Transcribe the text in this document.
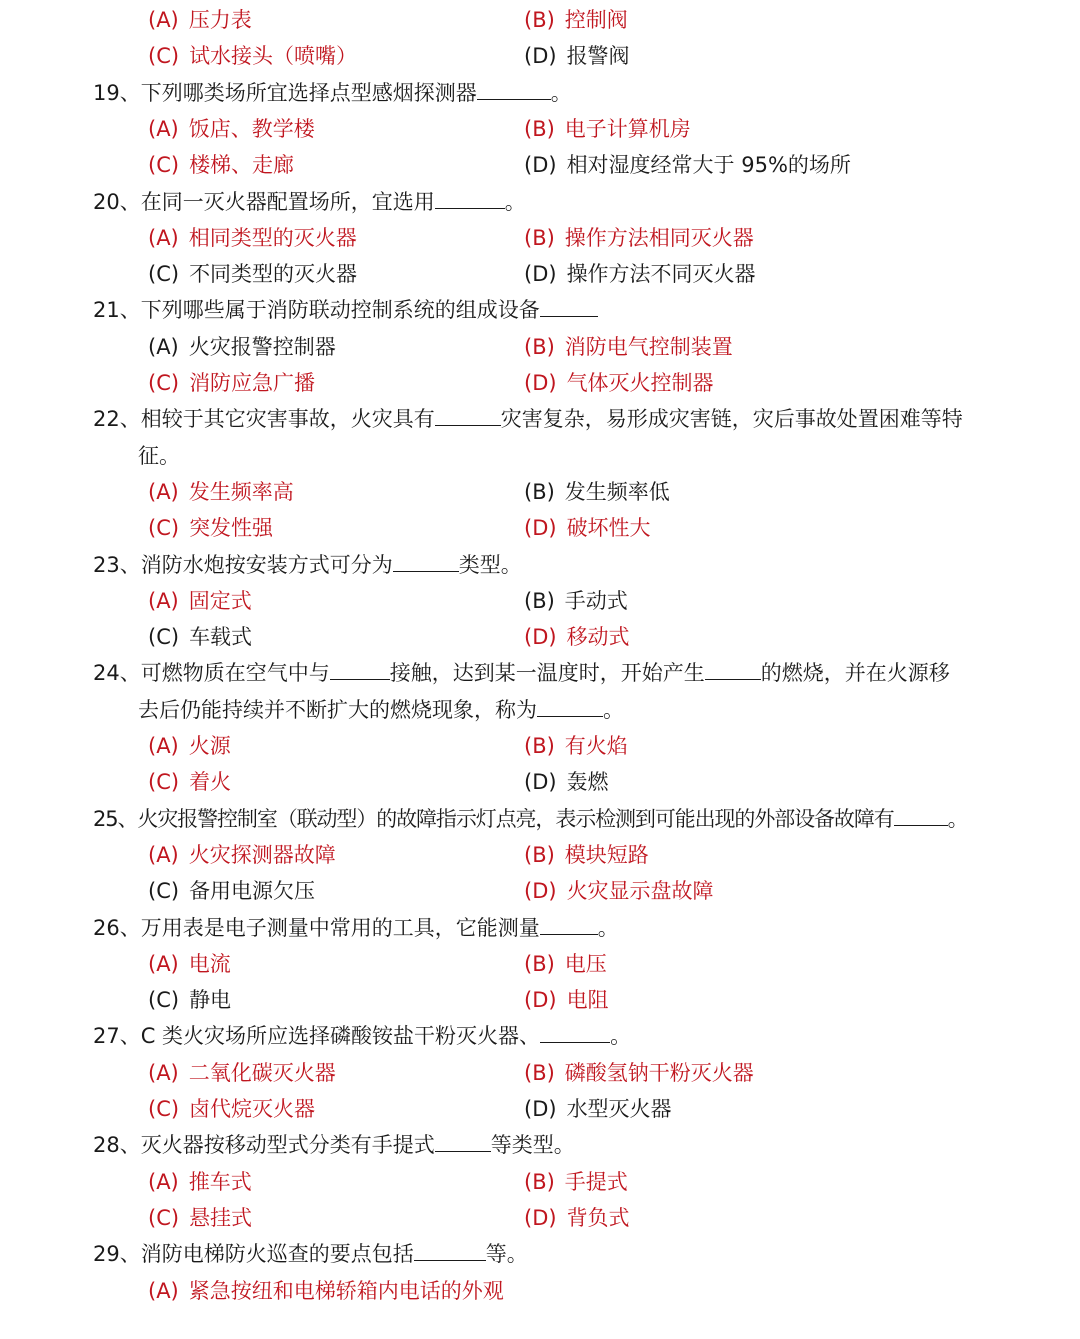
(A) 压力表	(B) 控制阀
(C) 试水接头（喷嘴）	(D) 报警阀
19、下列哪类场所宜选择点型感烟探测器	。
(A) 饭店、教学楼	(B) 电子计算机房
(C) 楼梯、走廊	(D) 相对湿度经常大于 95%的场所
20、在同一灭火器配置场所，宜选用	。
(A) 相同类型的灭火器	(B) 操作方法相同灭火器
(C) 不同类型的灭火器	(D) 操作方法不同灭火器
21、下列哪些属于消防联动控制系统的组成设备
(A) 火灾报警控制器	(B) 消防电气控制装置
(C) 消防应急广播	(D) 气体灭火控制器
22、相较于其它灾害事故，火灾具有	灾害复杂，易形成灾害链，灾后事故处置困难等特
征。
(A) 发生频率高	(B) 发生频率低
(C) 突发性强	(D) 破坏性大
23、消防水炮按安装方式可分为	类型。
(A) 固定式	(B) 手动式
(C) 车载式	(D) 移动式
24、可燃物质在空气中与	接触，达到某一温度时，开始产生	的燃烧，并在火源移
去后仍能持续并不断扩大的燃烧现象，称为	。
(A) 火源	(B) 有火焰
(C) 着火	(D) 轰燃
25、火灾报警控制室（联动型）的故障指示灯点亮，表示检测到可能出现的外部设备故障有	。
(A) 火灾探测器故障	(B) 模块短路
(C) 备用电源欠压	(D) 火灾显示盘故障
26、万用表是电子测量中常用的工具，它能测量	。
(A) 电流	(B) 电压
(C) 静电	(D) 电阻
27、C 类火灾场所应选择磷酸铵盐干粉灭火器、	。
(A) 二氧化碳灭火器	(B) 磷酸氢钠干粉灭火器
(C) 卤代烷灭火器	(D) 水型灭火器
28、灭火器按移动型式分类有手提式	等类型。
(A) 推车式	(B) 手提式
(C) 悬挂式	(D) 背负式
29、消防电梯防火巡查的要点包括	等。
(A) 紧急按纽和电梯轿箱内电话的外观
